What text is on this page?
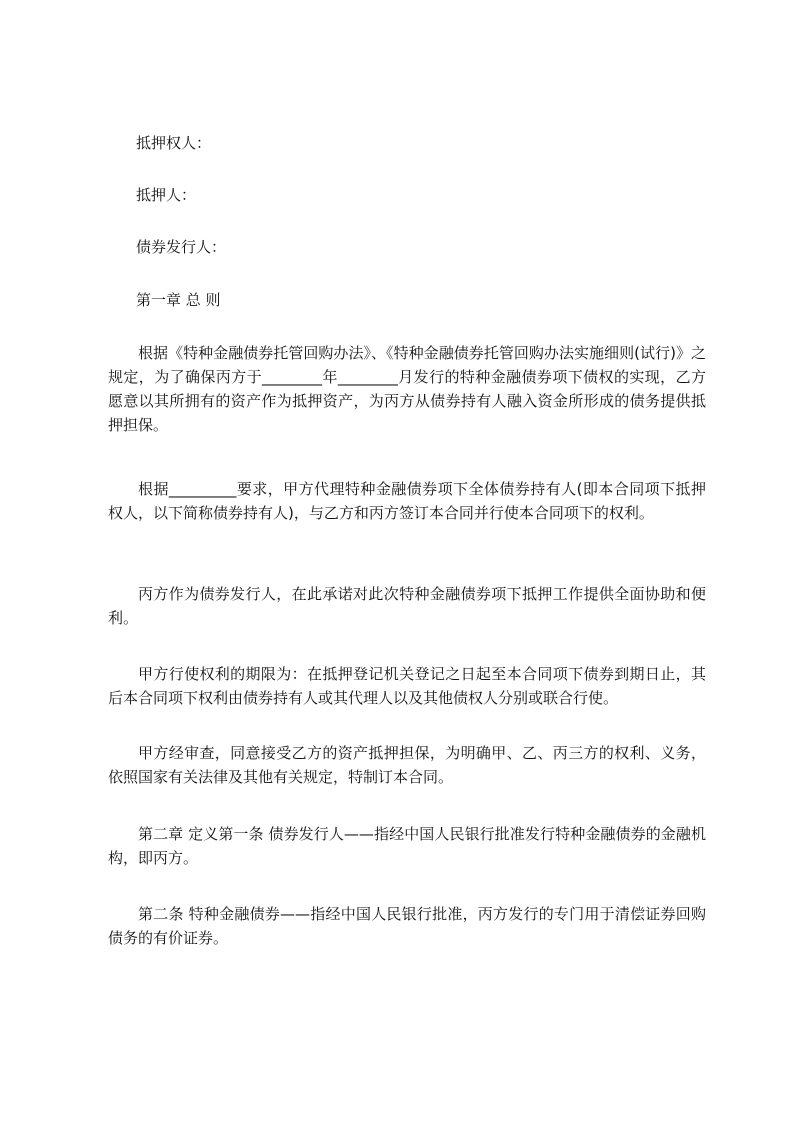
抵押权人：
抵押人：
债券发行人：
第一章 总 则

根据《特种金融债券托管回购办法》、《特种金融债券托管回购办法实施细则(试行)》之规定，为了确保丙方于________年________月发行的特种金融债券项下债权的实现，乙方愿意以其所拥有的资产作为抵押资产，为丙方从债券持有人融入资金所形成的债务提供抵押担保。

根据_________要求，甲方代理特种金融债券项下全体债券持有人(即本合同项下抵押权人，以下简称债券持有人)，与乙方和丙方签订本合同并行使本合同项下的权利。

丙方作为债券发行人，在此承诺对此次特种金融债券项下抵押工作提供全面协助和便利。

甲方行使权利的期限为：在抵押登记机关登记之日起至本合同项下债券到期日止，其后本合同项下权利由债券持有人或其代理人以及其他债权人分别或联合行使。

甲方经审查，同意接受乙方的资产抵押担保，为明确甲、乙、丙三方的权利、义务，依照国家有关法律及其他有关规定，特制订本合同。

第二章 定义第一条 债券发行人——指经中国人民银行批准发行特种金融债券的金融机构，即丙方。

第二条 特种金融债券——指经中国人民银行批准，丙方发行的专门用于清偿证券回购债务的有价证券。
